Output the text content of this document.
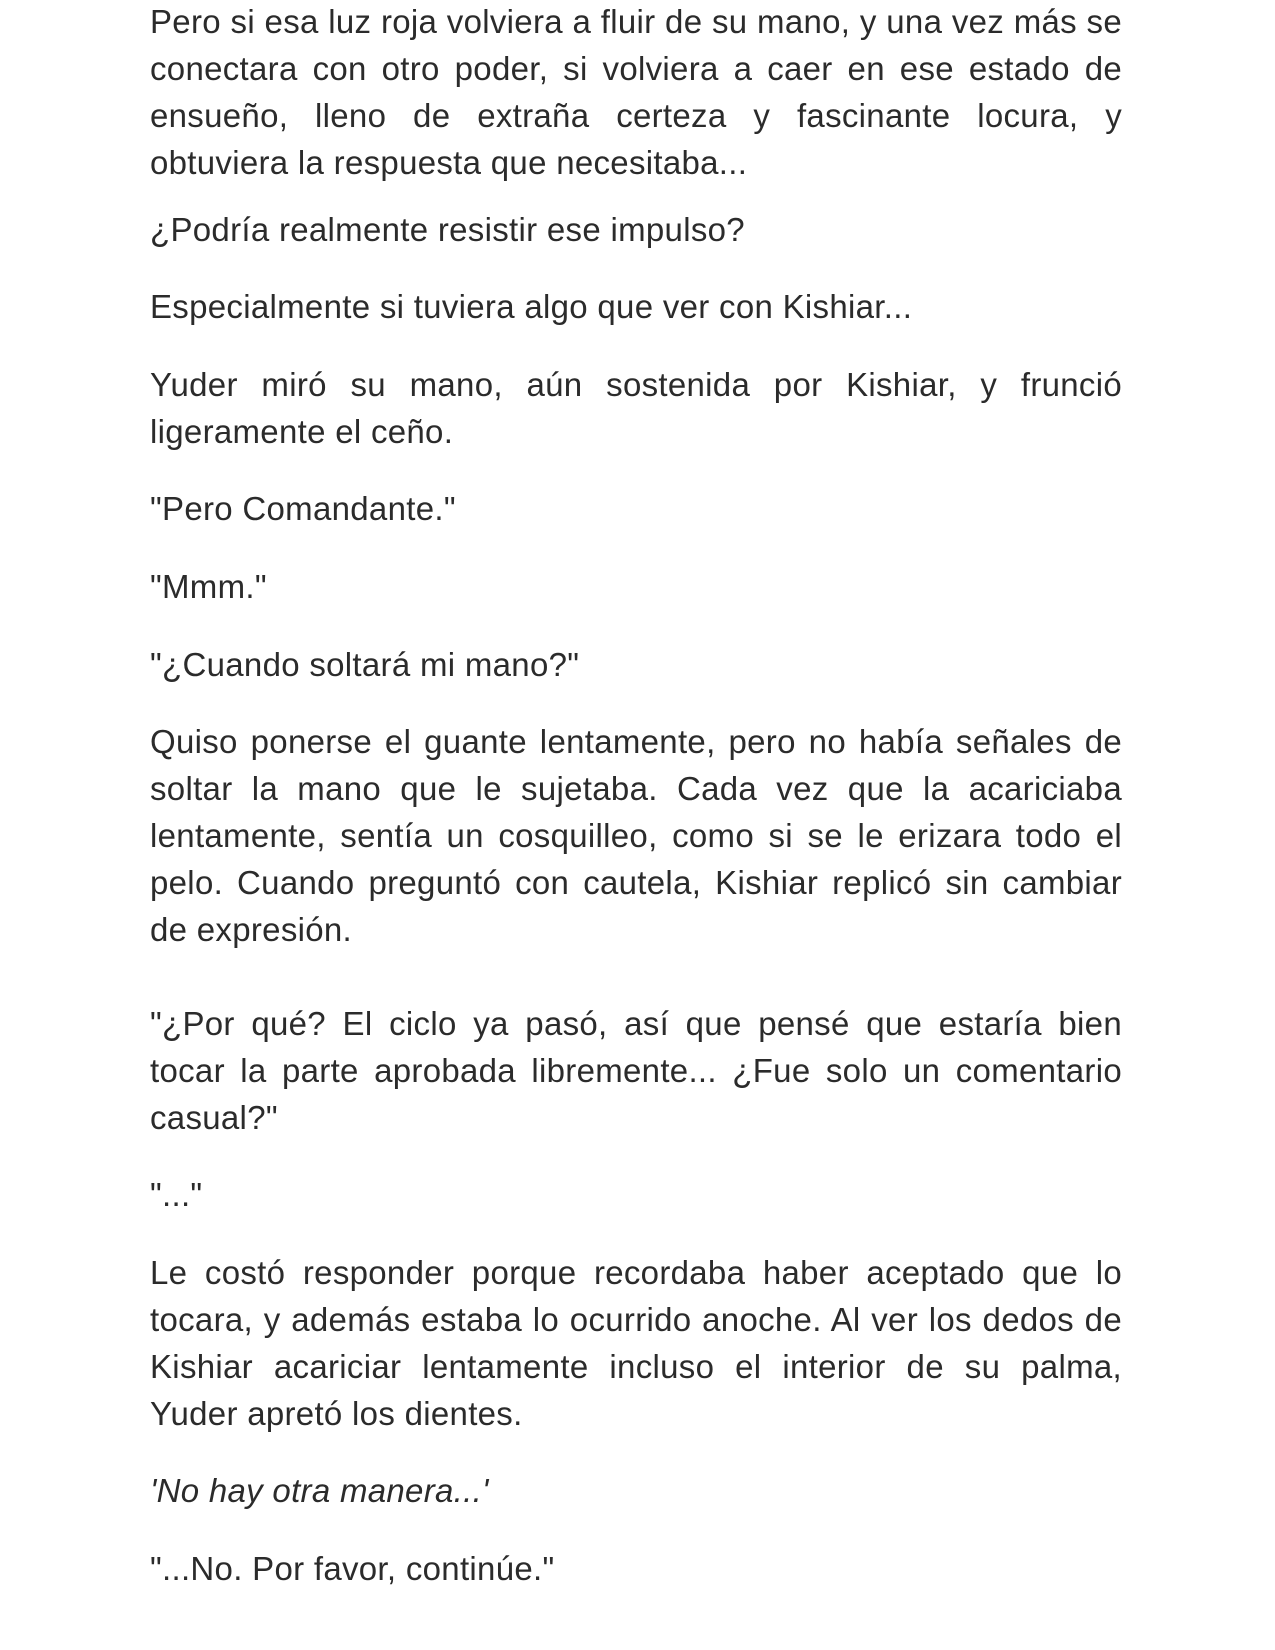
Pero si esa luz roja volviera a fluir de su mano, y una vez más se conectara con otro poder, si volviera a caer en ese estado de ensueño, lleno de extraña certeza y fascinante locura, y obtuviera la respuesta que necesitaba...

¿Podría realmente resistir ese impulso?

Especialmente si tuviera algo que ver con Kishiar...

Yuder miró su mano, aún sostenida por Kishiar, y frunció ligeramente el ceño.

"Pero Comandante."

"Mmm."

"¿Cuando soltará mi mano?"

Quiso ponerse el guante lentamente, pero no había señales de soltar la mano que le sujetaba. Cada vez que la acariciaba lentamente, sentía un cosquilleo, como si se le erizara todo el pelo. Cuando preguntó con cautela, Kishiar replicó sin cambiar de expresión.

"¿Por qué? El ciclo ya pasó, así que pensé que estaría bien tocar la parte aprobada libremente... ¿Fue solo un comentario casual?"

"..."

Le costó responder porque recordaba haber aceptado que lo tocara, y además estaba lo ocurrido anoche. Al ver los dedos de Kishiar acariciar lentamente incluso el interior de su palma, Yuder apretó los dientes.

'No hay otra manera...'

"...No. Por favor, continúe."
